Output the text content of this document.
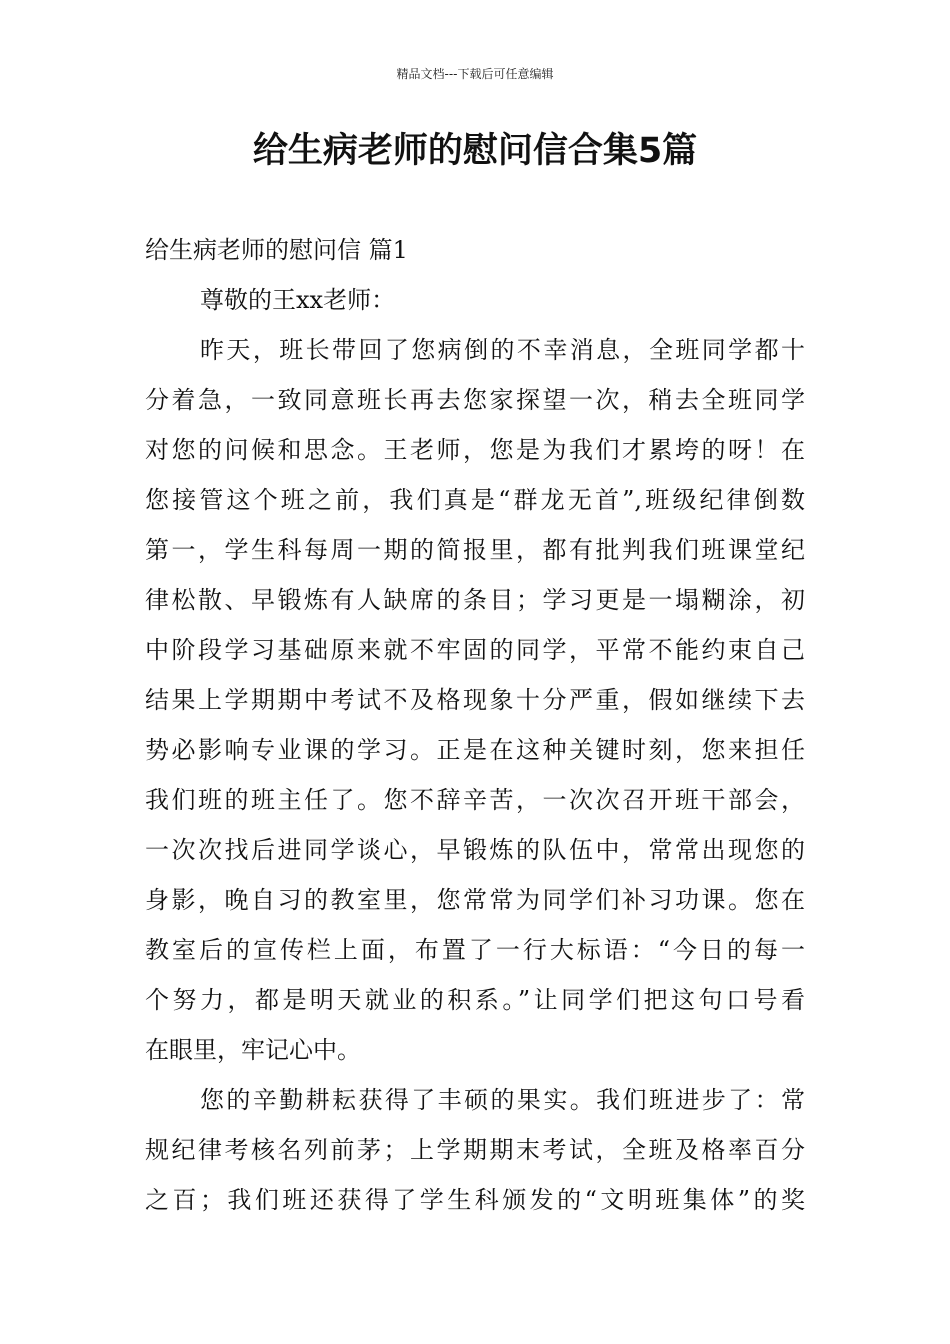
精品文档---下载后可任意编辑
给生病老师的慰问信合集5篇
给生病老师的慰问信 篇1
尊敬的王xx老师：
昨天，班长带回了您病倒的不幸消息，全班同学都十
分着急，一致同意班长再去您家探望一次，稍去全班同学
对您的问候和思念。王老师，您是为我们才累垮的呀！在
您接管这个班之前，我们真是“群龙无首”,班级纪律倒数
第一，学生科每周一期的简报里，都有批判我们班课堂纪
律松散、早锻炼有人缺席的条目；学习更是一塌糊涂，初
中阶段学习基础原来就不牢固的同学，平常不能约束自己
结果上学期期中考试不及格现象十分严重，假如继续下去
势必影响专业课的学习。正是在这种关键时刻，您来担任
我们班的班主任了。您不辞辛苦，一次次召开班干部会，
一次次找后进同学谈心，早锻炼的队伍中，常常出现您的
身影，晚自习的教室里，您常常为同学们补习功课。您在
教室后的宣传栏上面，布置了一行大标语：“今日的每一
个努力，都是明天就业的积系。”让同学们把这句口号看
在眼里，牢记心中。
您的辛勤耕耘获得了丰硕的果实。我们班进步了：常
规纪律考核名列前茅；上学期期末考试，全班及格率百分
之百；我们班还获得了学生科颁发的“文明班集体”的奖
